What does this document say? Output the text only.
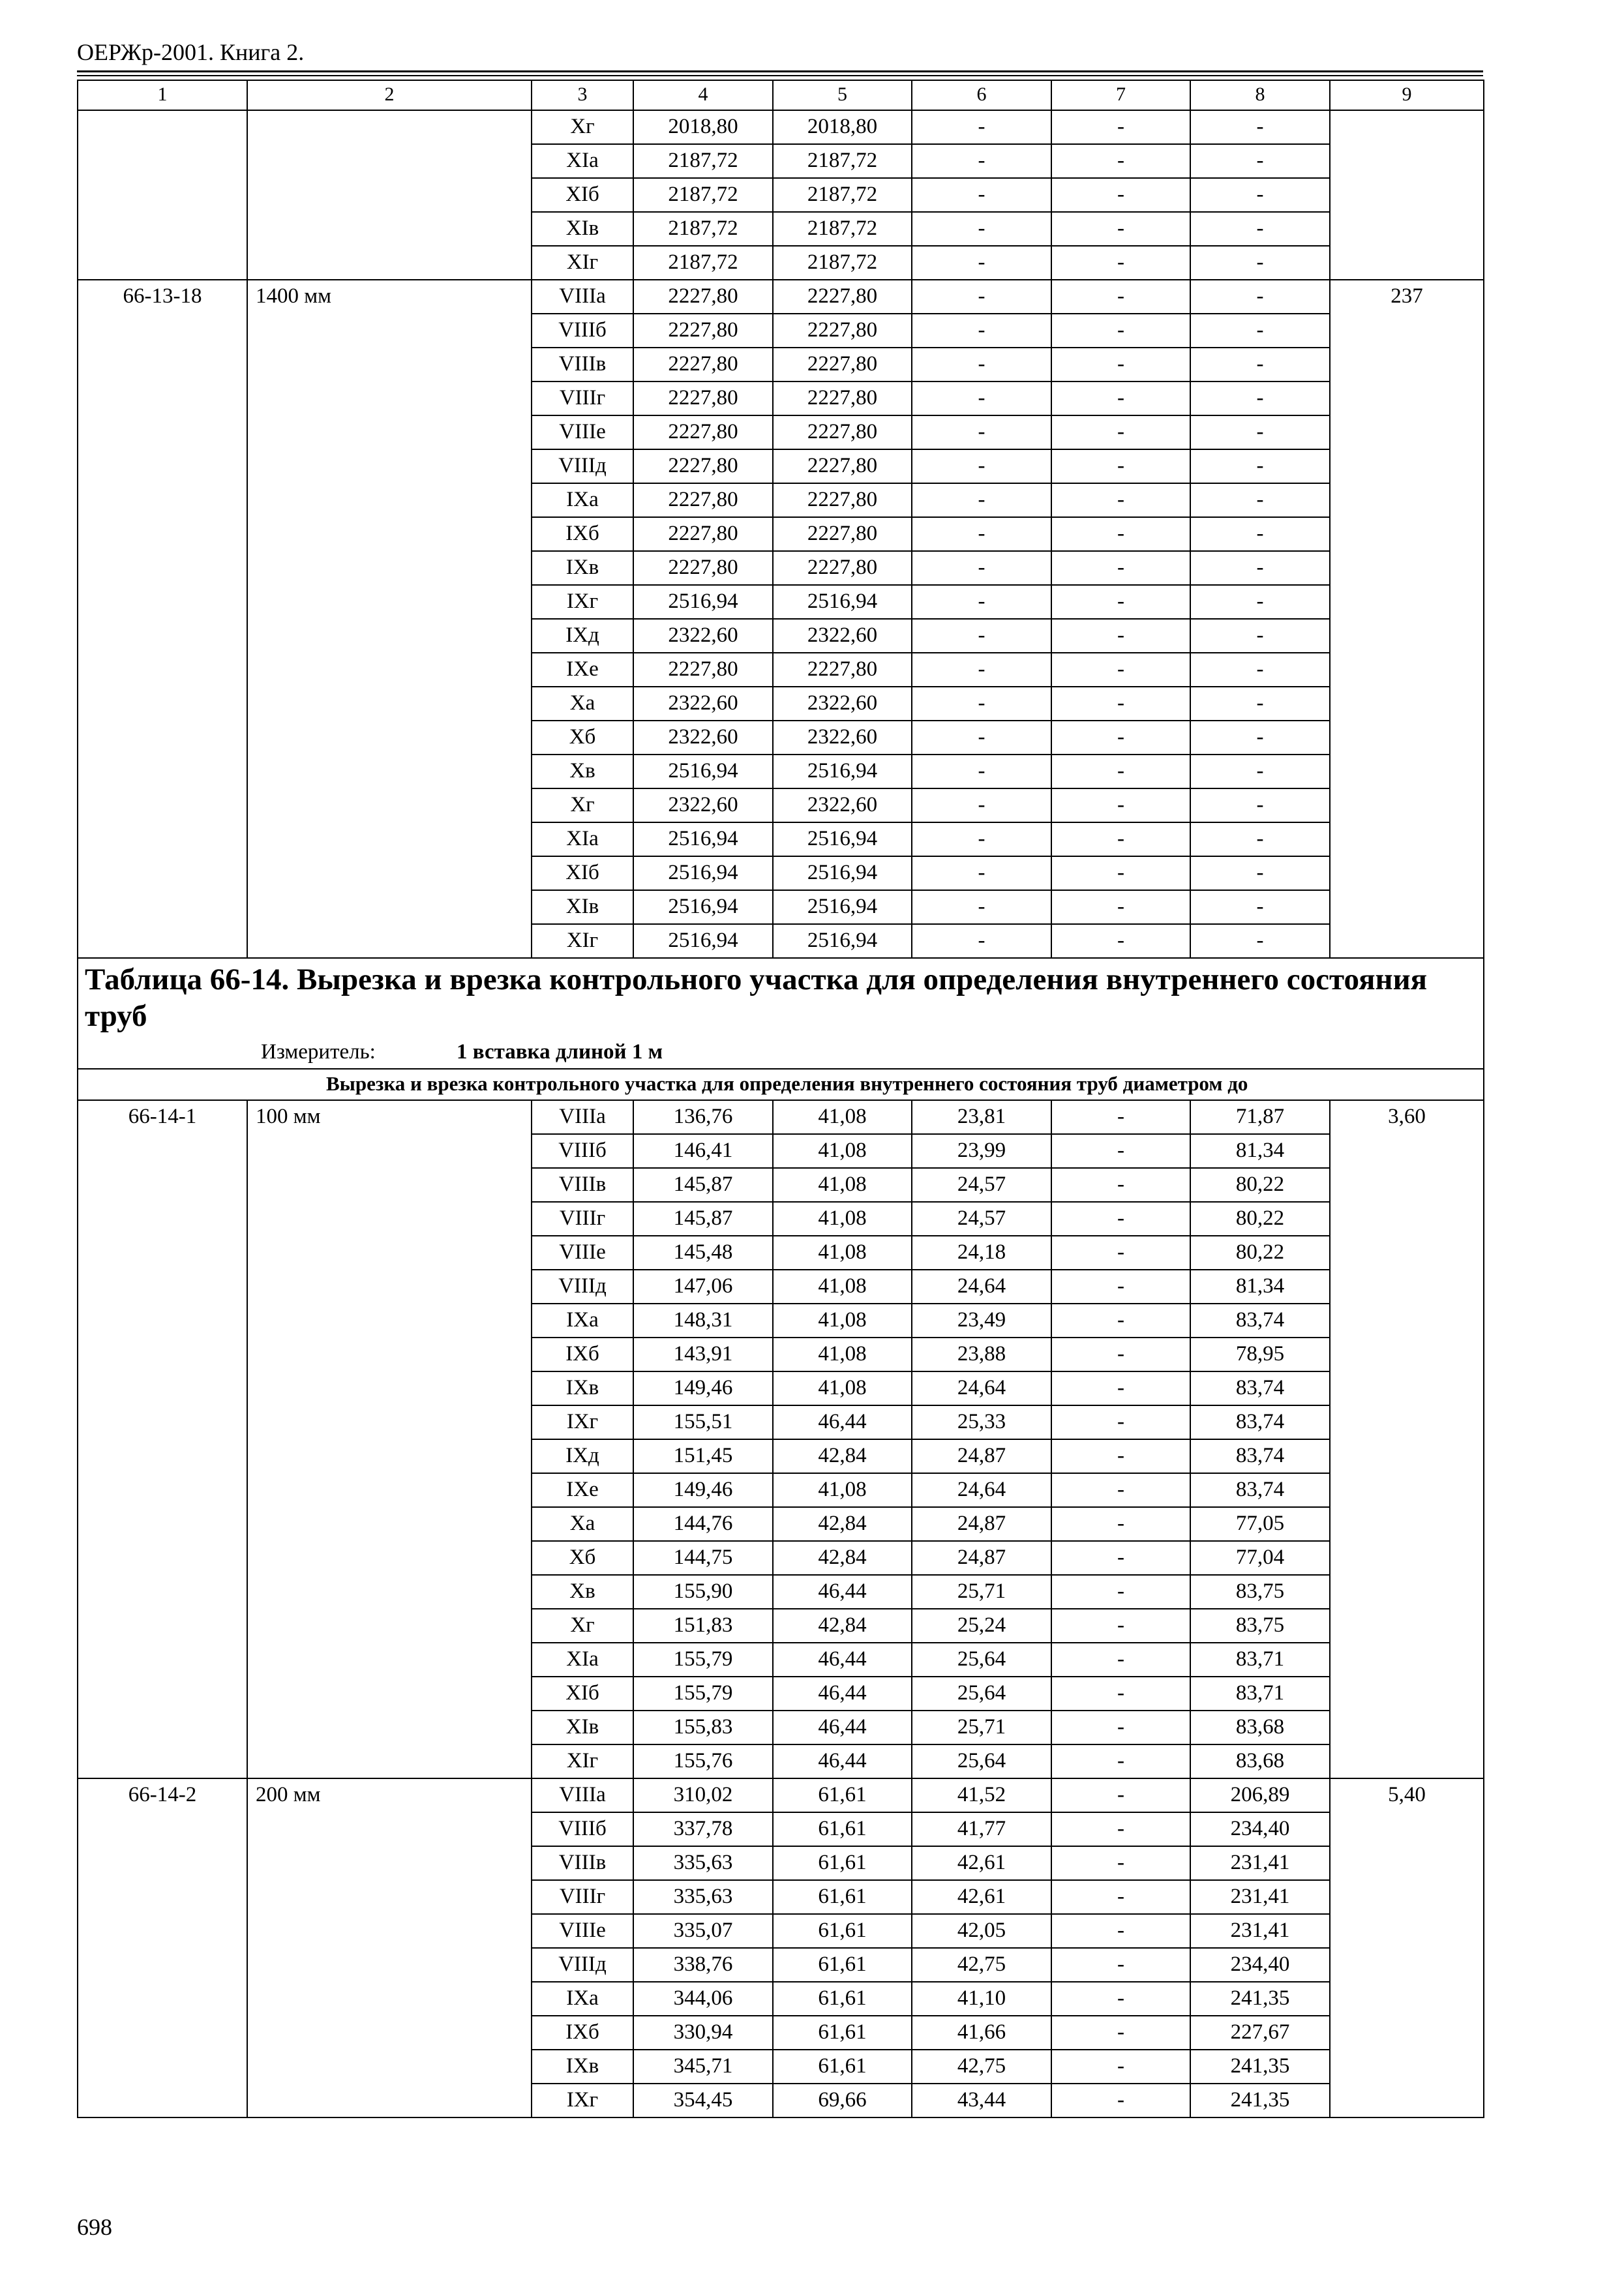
ОЕРЖр-2001. Книга 2.
1	2	3	4	5	6	7	8	9
		Xг	2018,80	2018,80	-	-	-	
		XIа	2187,72	2187,72	-	-	-	
		XIб	2187,72	2187,72	-	-	-	
		XIв	2187,72	2187,72	-	-	-	
		XIг	2187,72	2187,72	-	-	-	
66-13-18	1400 мм	VIIIа	2227,80	2227,80	-	-	-	237
		VIIIб	2227,80	2227,80	-	-	-	
		VIIIв	2227,80	2227,80	-	-	-	
		VIIIг	2227,80	2227,80	-	-	-	
		VIIIе	2227,80	2227,80	-	-	-	
		VIIIд	2227,80	2227,80	-	-	-	
		IXа	2227,80	2227,80	-	-	-	
		IXб	2227,80	2227,80	-	-	-	
		IXв	2227,80	2227,80	-	-	-	
		IXг	2516,94	2516,94	-	-	-	
		IXд	2322,60	2322,60	-	-	-	
		IXе	2227,80	2227,80	-	-	-	
		Xа	2322,60	2322,60	-	-	-	
		Xб	2322,60	2322,60	-	-	-	
		Xв	2516,94	2516,94	-	-	-	
		Xг	2322,60	2322,60	-	-	-	
		XIа	2516,94	2516,94	-	-	-	
		XIб	2516,94	2516,94	-	-	-	
		XIв	2516,94	2516,94	-	-	-	
		XIг	2516,94	2516,94	-	-	-	

Таблица 66-14. Вырезка и врезка контрольного участка для определения внутреннего состояния труб
Измеритель: 1 вставка длиной 1 м								

Вырезка и врезка контрольного участка для определения внутреннего состояния труб диаметром до								
66-14-1	100 мм	VIIIа	136,76	41,08	23,81	-	71,87	3,60
		VIIIб	146,41	41,08	23,99	-	81,34	
		VIIIв	145,87	41,08	24,57	-	80,22	
		VIIIг	145,87	41,08	24,57	-	80,22	
		VIIIе	145,48	41,08	24,18	-	80,22	
		VIIIд	147,06	41,08	24,64	-	81,34	
		IXа	148,31	41,08	23,49	-	83,74	
		IXб	143,91	41,08	23,88	-	78,95	
		IXв	149,46	41,08	24,64	-	83,74	
		IXг	155,51	46,44	25,33	-	83,74	
		IXд	151,45	42,84	24,87	-	83,74	
		IXе	149,46	41,08	24,64	-	83,74	
		Xа	144,76	42,84	24,87	-	77,05	
		Xб	144,75	42,84	24,87	-	77,04	
		Xв	155,90	46,44	25,71	-	83,75	
		Xг	151,83	42,84	25,24	-	83,75	
		XIа	155,79	46,44	25,64	-	83,71	
		XIб	155,79	46,44	25,64	-	83,71	
		XIв	155,83	46,44	25,71	-	83,68	
		XIг	155,76	46,44	25,64	-	83,68	
66-14-2	200 мм	VIIIа	310,02	61,61	41,52	-	206,89	5,40
		VIIIб	337,78	61,61	41,77	-	234,40	
		VIIIв	335,63	61,61	42,61	-	231,41	
		VIIIг	335,63	61,61	42,61	-	231,41	
		VIIIе	335,07	61,61	42,05	-	231,41	
		VIIIд	338,76	61,61	42,75	-	234,40	
		IXа	344,06	61,61	41,10	-	241,35	
		IXб	330,94	61,61	41,66	-	227,67	
		IXв	345,71	61,61	42,75	-	241,35	
		IXг	354,45	69,66	43,44	-	241,35	
698
